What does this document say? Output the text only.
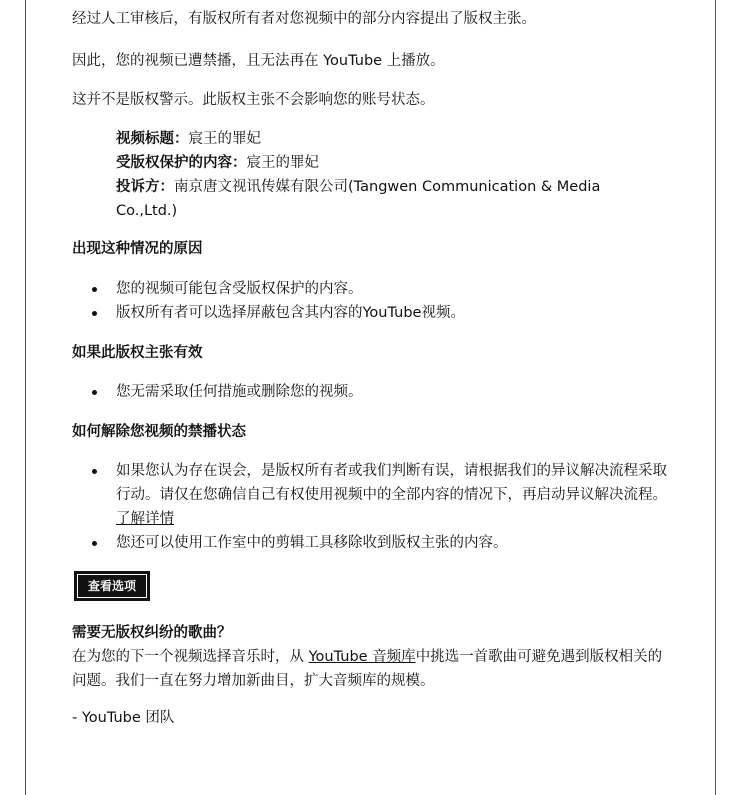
经过人工审核后，有版权所有者对您视频中的部分内容提出了版权主张。
因此，您的视频已遭禁播，且无法再在 YouTube 上播放。
这并不是版权警示。此版权主张不会影响您的账号状态。
视频标题：宸王的罪妃
受版权保护的内容：宸王的罪妃
投诉方：南京唐文视讯传媒有限公司(Tangwen Communication & Media Co.,Ltd.)
出现这种情况的原因
您的视频可能包含受版权保护的内容。
版权所有者可以选择屏蔽包含其内容的YouTube视频。
如果此版权主张有效
您无需采取任何措施或删除您的视频。
如何解除您视频的禁播状态
如果您认为存在误会，是版权所有者或我们判断有误，请根据我们的异议解决流程采取行动。请仅在您确信自己有权使用视频中的全部内容的情况下，再启动异议解决流程。了解详情
您还可以使用工作室中的剪辑工具移除收到版权主张的内容。
查看选项
需要无版权纠纷的歌曲？
在为您的下一个视频选择音乐时，从 YouTube 音频库中挑选一首歌曲可避免遇到版权相关的问题。我们一直在努力增加新曲目，扩大音频库的规模。
- YouTube 团队
